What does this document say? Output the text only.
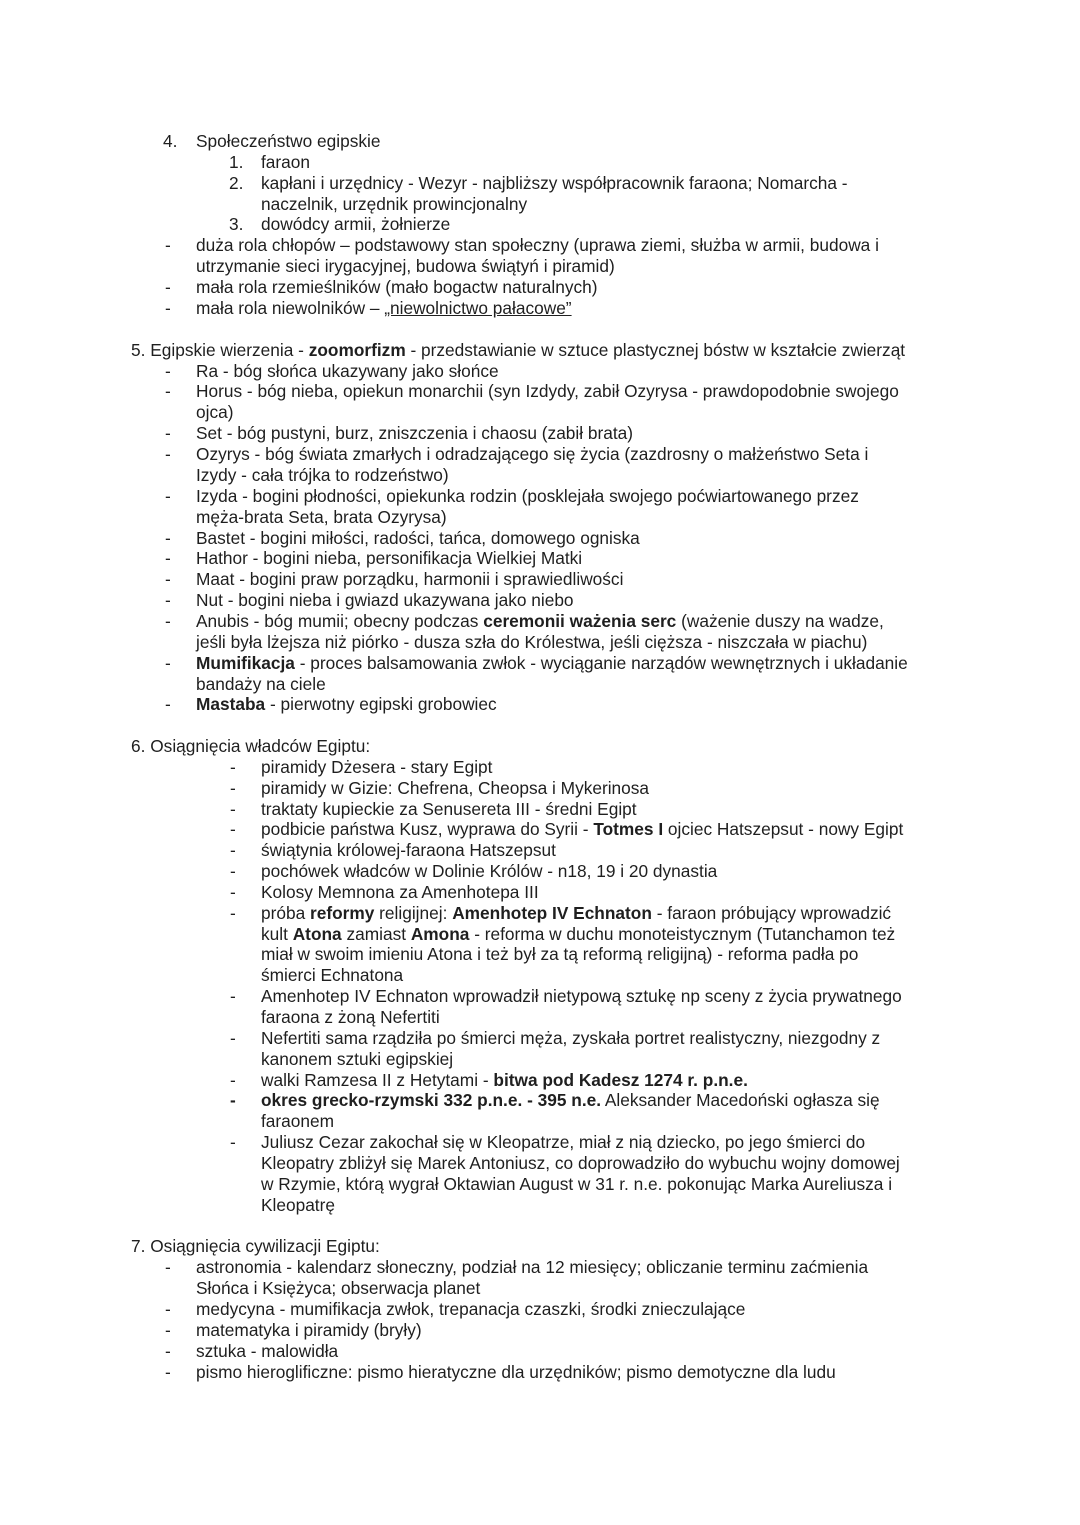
4. Społeczeństwo egipskie
1. faraon
2. kapłani i urzędnicy - Wezyr - najbliższy współpracownik faraona; Nomarcha -
naczelnik, urzędnik prowincjonalny
3. dowódcy armii, żołnierze
- duża rola chłopów – podstawowy stan społeczny (uprawa ziemi, służba w armii, budowa i
utrzymanie sieci irygacyjnej, budowa świątyń i piramid)
- mała rola rzemieślników (mało bogactw naturalnych)
- mała rola niewolników – „niewolnictwo pałacowe”
5. Egipskie wierzenia - zoomorfizm - przedstawianie w sztuce plastycznej bóstw w kształcie zwierząt
- Ra - bóg słońca ukazywany jako słońce
- Horus - bóg nieba, opiekun monarchii (syn Izdydy, zabił Ozyrysa - prawdopodobnie swojego
ojca)
- Set - bóg pustyni, burz, zniszczenia i chaosu (zabił brata)
- Ozyrys - bóg świata zmarłych i odradzającego się życia (zazdrosny o małżeństwo Seta i
Izydy - cała trójka to rodzeństwo)
- Izyda - bogini płodności, opiekunka rodzin (posklejała swojego poćwiartowanego przez
męża-brata Seta, brata Ozyrysa)
- Bastet - bogini miłości, radości, tańca, domowego ogniska
- Hathor - bogini nieba, personifikacja Wielkiej Matki
- Maat - bogini praw porządku, harmonii i sprawiedliwości
- Nut - bogini nieba i gwiazd ukazywana jako niebo
- Anubis - bóg mumii; obecny podczas ceremonii ważenia serc (ważenie duszy na wadze,
jeśli była lżejsza niż piórko - dusza szła do Królestwa, jeśli cięższa - niszczała w piachu)
- Mumifikacja - proces balsamowania zwłok - wyciąganie narządów wewnętrznych i układanie
bandaży na ciele
- Mastaba - pierwotny egipski grobowiec
6. Osiągnięcia władców Egiptu:
- piramidy Dżesera - stary Egipt
- piramidy w Gizie: Chefrena, Cheopsa i Mykerinosa
- traktaty kupieckie za Senusereta III - średni Egipt
- podbicie państwa Kusz, wyprawa do Syrii - Totmes I ojciec Hatszepsut - nowy Egipt
- świątynia królowej-faraona Hatszepsut
- pochówek władców w Dolinie Królów - n18, 19 i 20 dynastia
- Kolosy Memnona za Amenhotepa III
- próba reformy religijnej: Amenhotep IV Echnaton - faraon próbujący wprowadzić
kult Atona zamiast Amona - reforma w duchu monoteistycznym (Tutanchamon też
miał w swoim imieniu Atona i też był za tą reformą religijną) - reforma padła po
śmierci Echnatona
- Amenhotep IV Echnaton wprowadził nietypową sztukę np sceny z życia prywatnego
faraona z żoną Nefertiti
- Nefertiti sama rządziła po śmierci męża, zyskała portret realistyczny, niezgodny z
kanonem sztuki egipskiej
- walki Ramzesa II z Hetytami - bitwa pod Kadesz 1274 r. p.n.e.
- okres grecko-rzymski 332 p.n.e. - 395 n.e. Aleksander Macedoński ogłasza się
faraonem
- Juliusz Cezar zakochał się w Kleopatrze, miał z nią dziecko, po jego śmierci do
Kleopatry zbliżył się Marek Antoniusz, co doprowadziło do wybuchu wojny domowej
w Rzymie, którą wygrał Oktawian August w 31 r. n.e. pokonując Marka Aureliusza i
Kleopatrę
7. Osiągnięcia cywilizacji Egiptu:
- astronomia - kalendarz słoneczny, podział na 12 miesięcy; obliczanie terminu zaćmienia
Słońca i Księżyca; obserwacja planet
- medycyna - mumifikacja zwłok, trepanacja czaszki, środki znieczulające
- matematyka i piramidy (bryły)
- sztuka - malowidła
- pismo hieroglificzne: pismo hieratyczne dla urzędników; pismo demotyczne dla ludu
